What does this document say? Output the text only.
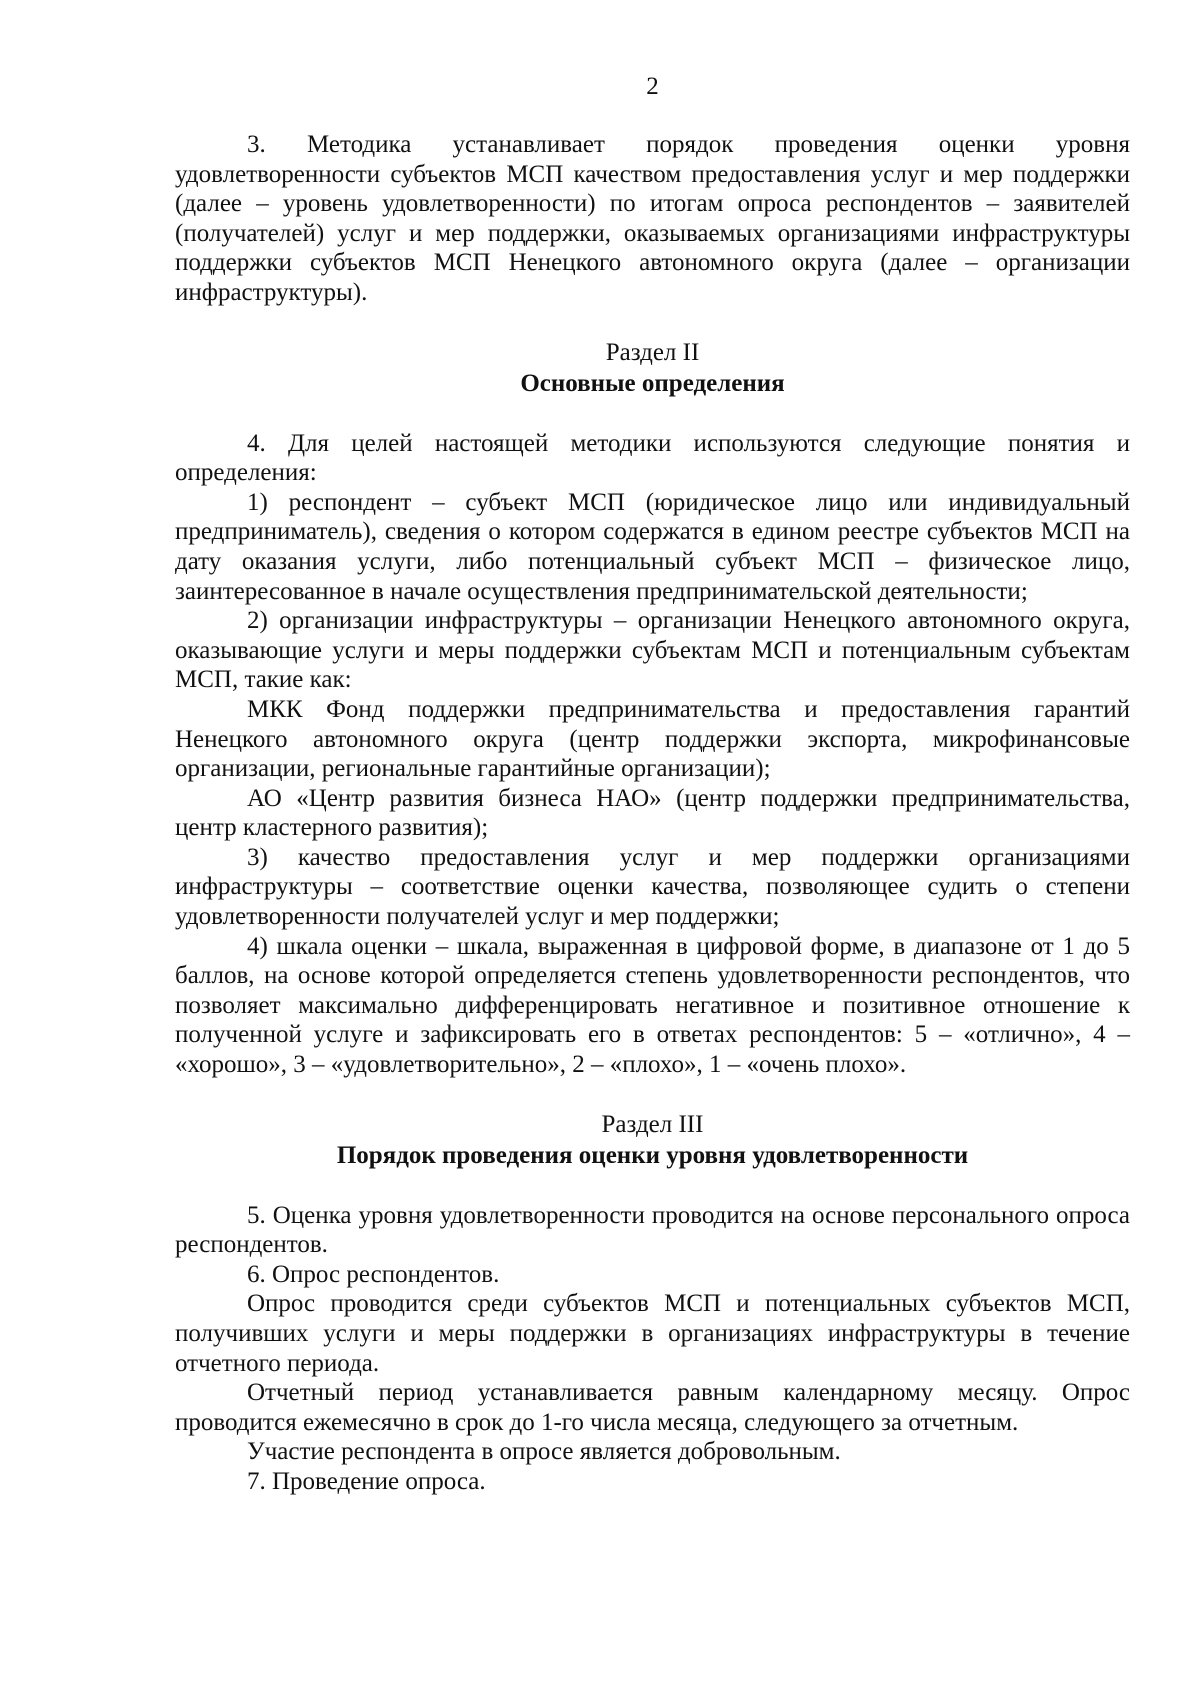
2

3. Методика устанавливает порядок проведения оценки уровня удовлетворенности субъектов МСП качеством предоставления услуг и мер поддержки (далее – уровень удовлетворенности) по итогам опроса респондентов – заявителей (получателей) услуг и мер поддержки, оказываемых организациями инфраструктуры поддержки субъектов МСП Ненецкого автономного округа (далее – организации инфраструктуры).

Раздел II

Основные определения

4. Для целей настоящей методики используются следующие понятия и определения:

1) респондент – субъект МСП (юридическое лицо или индивидуальный предприниматель), сведения о котором содержатся в едином реестре субъектов МСП на дату оказания услуги, либо потенциальный субъект МСП – физическое лицо, заинтересованное в начале осуществления предпринимательской деятельности;

2) организации инфраструктуры – организации Ненецкого автономного округа, оказывающие услуги и меры поддержки субъектам МСП и потенциальным субъектам МСП, такие как:

МКК Фонд поддержки предпринимательства и предоставления гарантий Ненецкого автономного округа (центр поддержки экспорта, микрофинансовые организации, региональные гарантийные организации);

АО «Центр развития бизнеса НАО» (центр поддержки предпринимательства, центр кластерного развития);

3) качество предоставления услуг и мер поддержки организациями инфраструктуры – соответствие оценки качества, позволяющее судить о степени удовлетворенности получателей услуг и мер поддержки;

4) шкала оценки – шкала, выраженная в цифровой форме, в диапазоне от 1 до 5 баллов, на основе которой определяется степень удовлетворенности респондентов, что позволяет максимально дифференцировать негативное и позитивное отношение к полученной услуге и зафиксировать его в ответах респондентов: 5 – «отлично», 4 – «хорошо», 3 – «удовлетворительно», 2 – «плохо», 1 – «очень плохо».

Раздел III

Порядок проведения оценки уровня удовлетворенности

5. Оценка уровня удовлетворенности проводится на основе персонального опроса респондентов.

6. Опрос респондентов.

Опрос проводится среди субъектов МСП и потенциальных субъектов МСП, получивших услуги и меры поддержки в организациях инфраструктуры в течение отчетного периода.

Отчетный период устанавливается равным календарному месяцу. Опрос проводится ежемесячно в срок до 1-го числа месяца, следующего за отчетным.

Участие респондента в опросе является добровольным.

7. Проведение опроса.
